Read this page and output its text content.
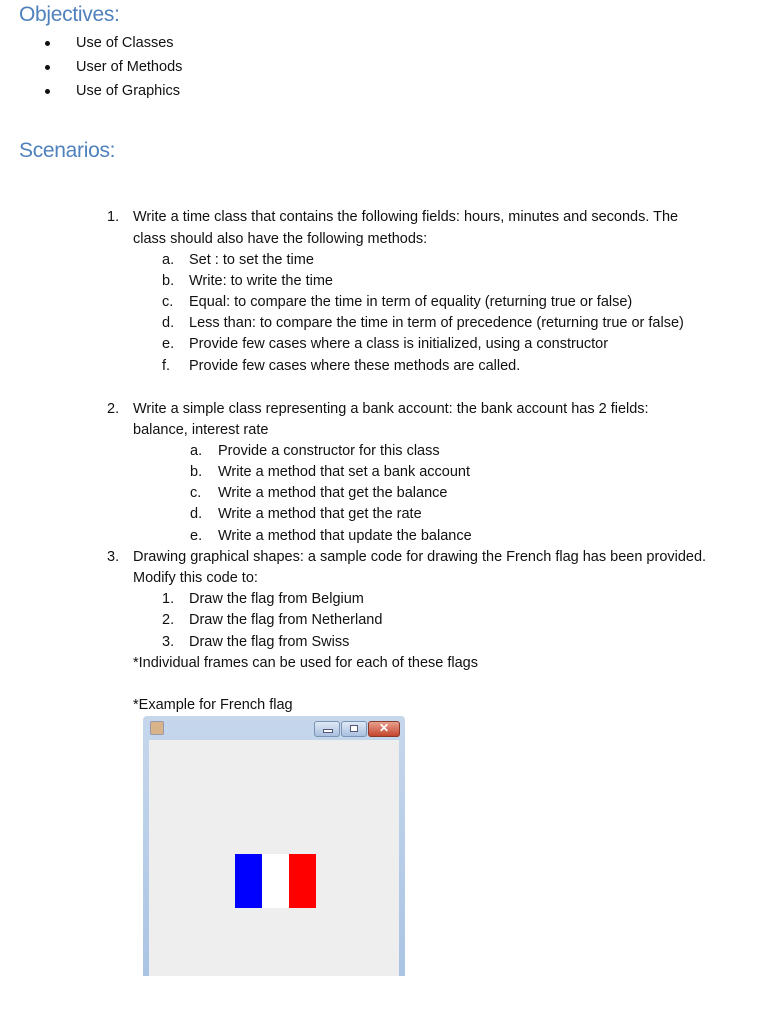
Objectives:
Use of Classes
User of Methods
Use of Graphics
Scenarios:
1. Write a time class that contains the following fields: hours, minutes and seconds. The
class should also have the following methods:
2. Write a simple class representing a bank account: the bank account has 2 fields:
balance, interest rate
3. Drawing graphical shapes: a sample code for drawing the French flag has been provided.
Modify this code to:
*Individual frames can be used for each of these flags
*Example for French flag
a. Set : to set the time
b. Write: to write the time
c. Equal: to compare the time in term of equality (returning true or false)
d. Less than: to compare the time in term of precedence (returning true or false)
e. Provide few cases where a class is initialized, using a constructor
f. Provide few cases where these methods are called.
a. Provide a constructor for this class
b. Write a method that set a bank account
c. Write a method that get the balance
d. Write a method that get the rate
e. Write a method that update the balance
1. Draw the flag from Belgium
2. Draw the flag from Netherland
3. Draw the flag from Swiss
✕
